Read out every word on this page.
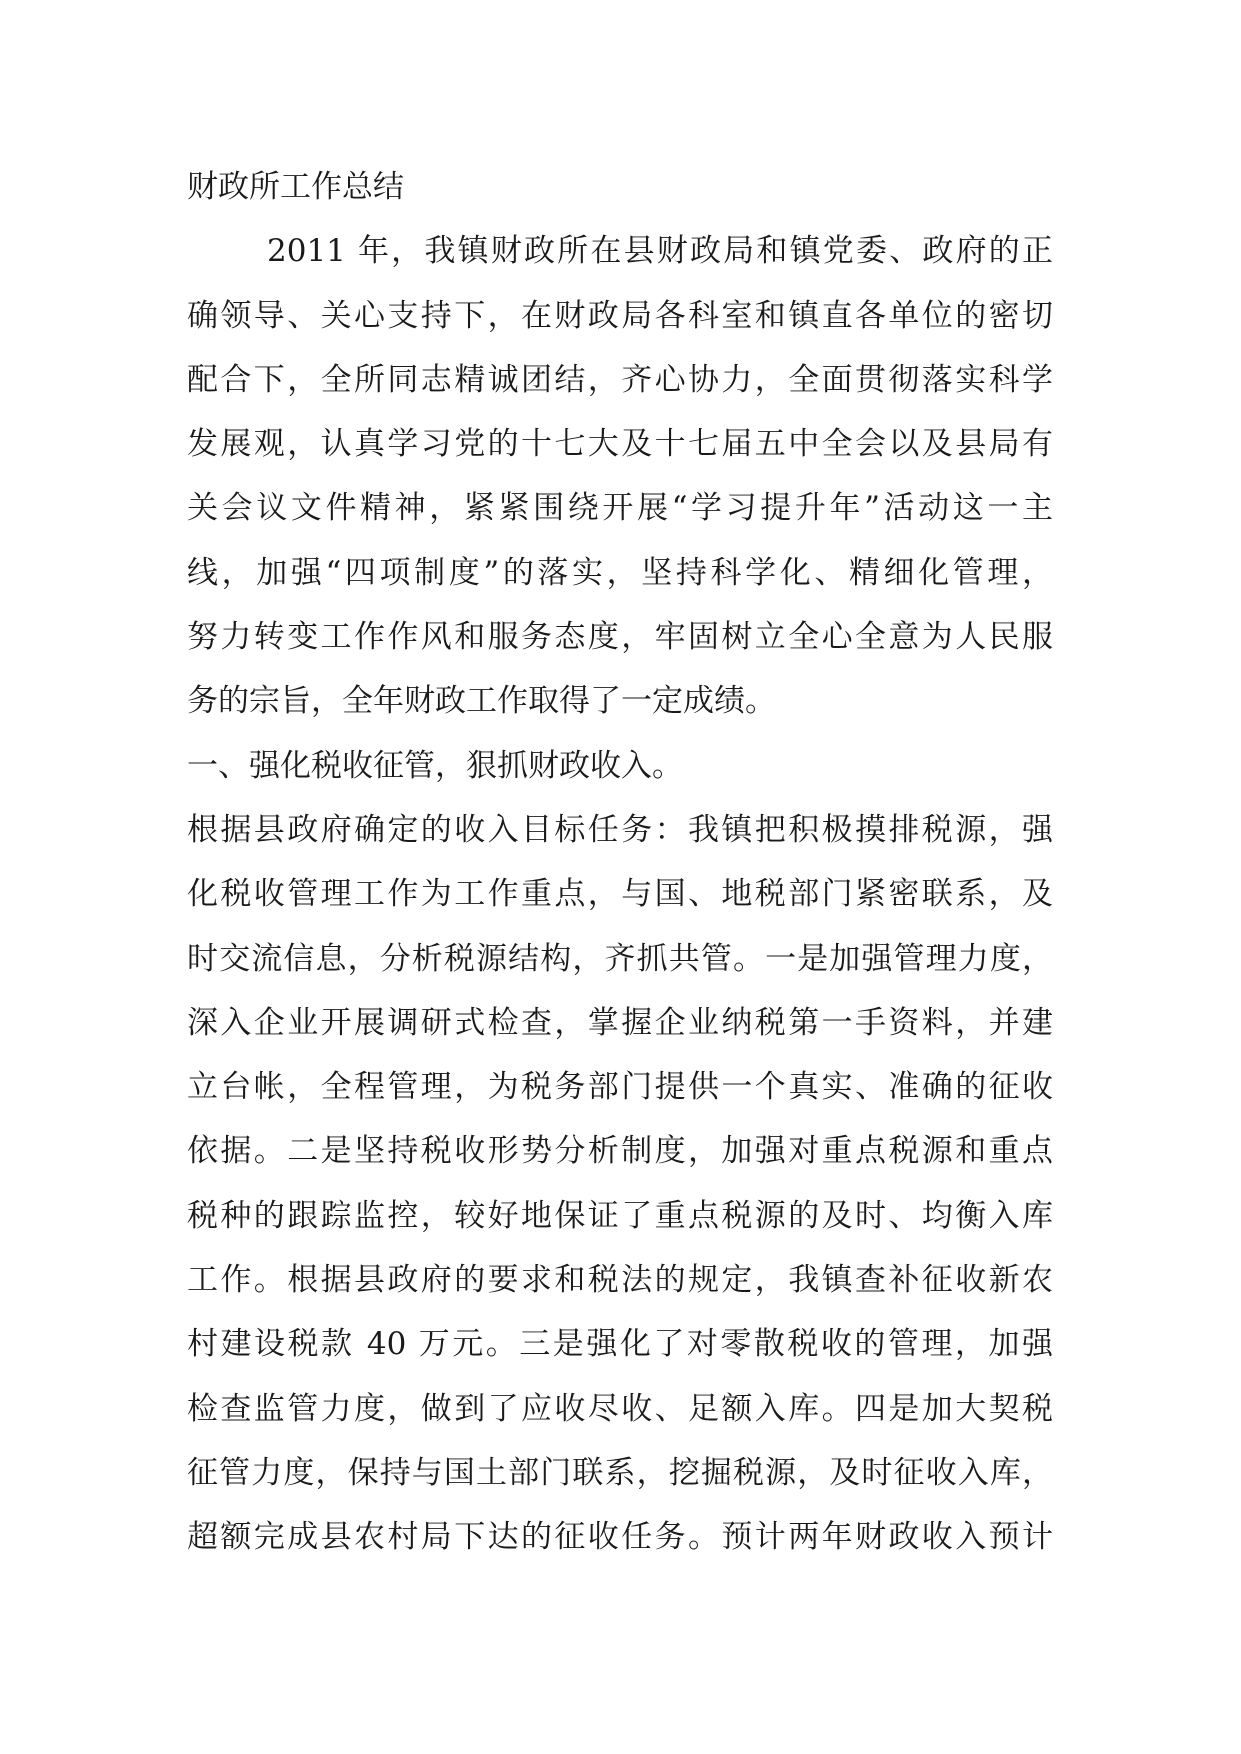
财政所工作总结
2011 年，我镇财政所在县财政局和镇党委、政府的正
确领导、关心支持下，在财政局各科室和镇直各单位的密切
配合下，全所同志精诚团结，齐心协力，全面贯彻落实科学
发展观，认真学习党的十七大及十七届五中全会以及县局有
关会议文件精神，紧紧围绕开展“学习提升年”活动这一主
线，加强“四项制度”的落实，坚持科学化、精细化管理，
努力转变工作作风和服务态度，牢固树立全心全意为人民服
务的宗旨，全年财政工作取得了一定成绩。
一、强化税收征管，狠抓财政收入。
根据县政府确定的收入目标任务：我镇把积极摸排税源，强
化税收管理工作为工作重点，与国、地税部门紧密联系，及
时交流信息，分析税源结构，齐抓共管。一是加强管理力度，
深入企业开展调研式检查，掌握企业纳税第一手资料，并建
立台帐，全程管理，为税务部门提供一个真实、准确的征收
依据。二是坚持税收形势分析制度，加强对重点税源和重点
税种的跟踪监控，较好地保证了重点税源的及时、均衡入库
工作。根据县政府的要求和税法的规定，我镇查补征收新农
村建设税款 40 万元。三是强化了对零散税收的管理，加强
检查监管力度，做到了应收尽收、足额入库。四是加大契税
征管力度，保持与国土部门联系，挖掘税源，及时征收入库，
超额完成县农村局下达的征收任务。预计两年财政收入预计
